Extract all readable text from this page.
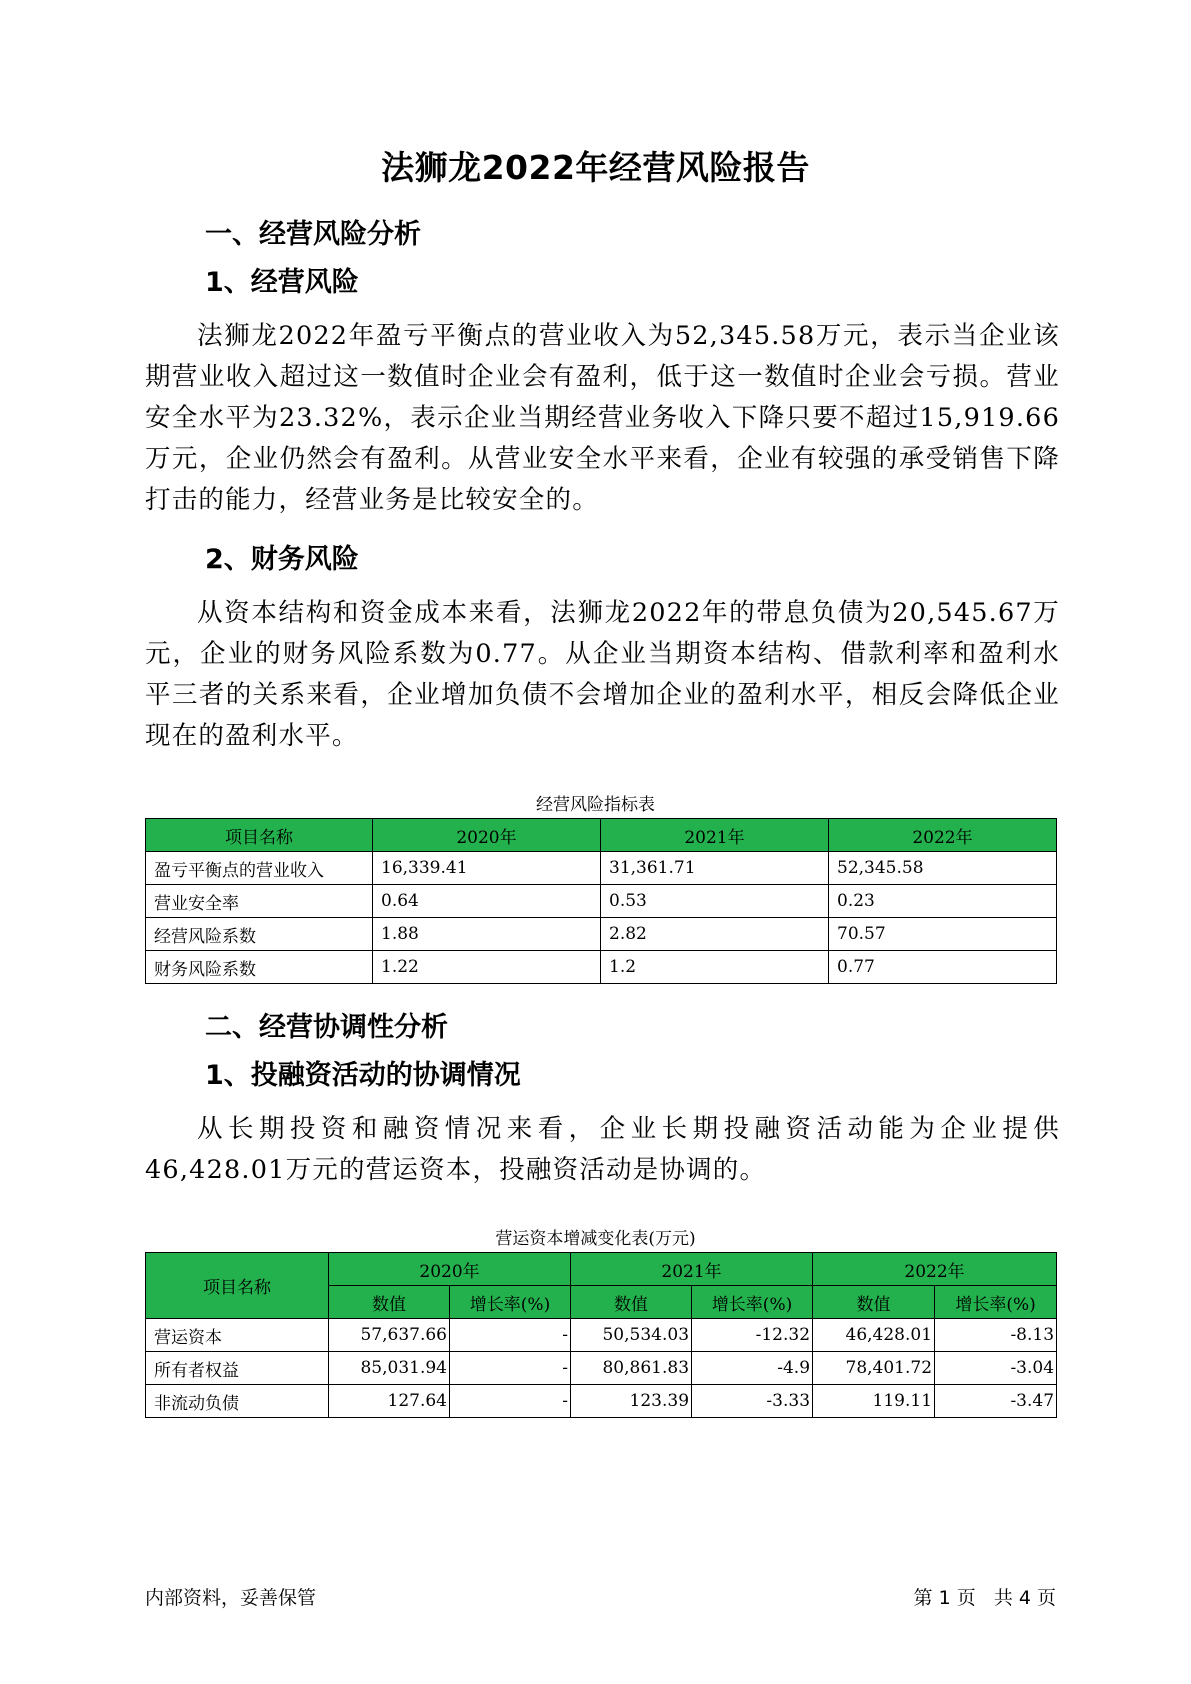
法狮龙2022年经营风险报告
一、经营风险分析
1、经营风险
法狮龙2022年盈亏平衡点的营业收入为52,345.58万元，表示当企业该期营业收入超过这一数值时企业会有盈利，低于这一数值时企业会亏损。营业安全水平为23.32%，表示企业当期经营业务收入下降只要不超过15,919.66万元，企业仍然会有盈利。从营业安全水平来看，企业有较强的承受销售下降打击的能力，经营业务是比较安全的。
2、财务风险
从资本结构和资金成本来看，法狮龙2022年的带息负债为20,545.67万元，企业的财务风险系数为0.77。从企业当期资本结构、借款利率和盈利水平三者的关系来看，企业增加负债不会增加企业的盈利水平，相反会降低企业现在的盈利水平。
经营风险指标表
项目名称	2020年	2021年	2022年
盈亏平衡点的营业收入	16,339.41	31,361.71	52,345.58
营业安全率	0.64	0.53	0.23
经营风险系数	1.88	2.82	70.57
财务风险系数	1.22	1.2	0.77
二、经营协调性分析
1、投融资活动的协调情况
从长期投资和融资情况来看，企业长期投融资活动能为企业提供46,428.01万元的营运资本，投融资活动是协调的。
营运资本增减变化表(万元)
项目名称	2020年		2021年		2022年	
	数值	增长率(%)	数值	增长率(%)	数值	增长率(%)
营运资本	57,637.66	-	50,534.03	-12.32	46,428.01	-8.13
所有者权益	85,031.94	-	80,861.83	-4.9	78,401.72	-3.04
非流动负债	127.64	-	123.39	-3.33	119.11	-3.47
内部资料，妥善保管	第 1 页   共 4 页
